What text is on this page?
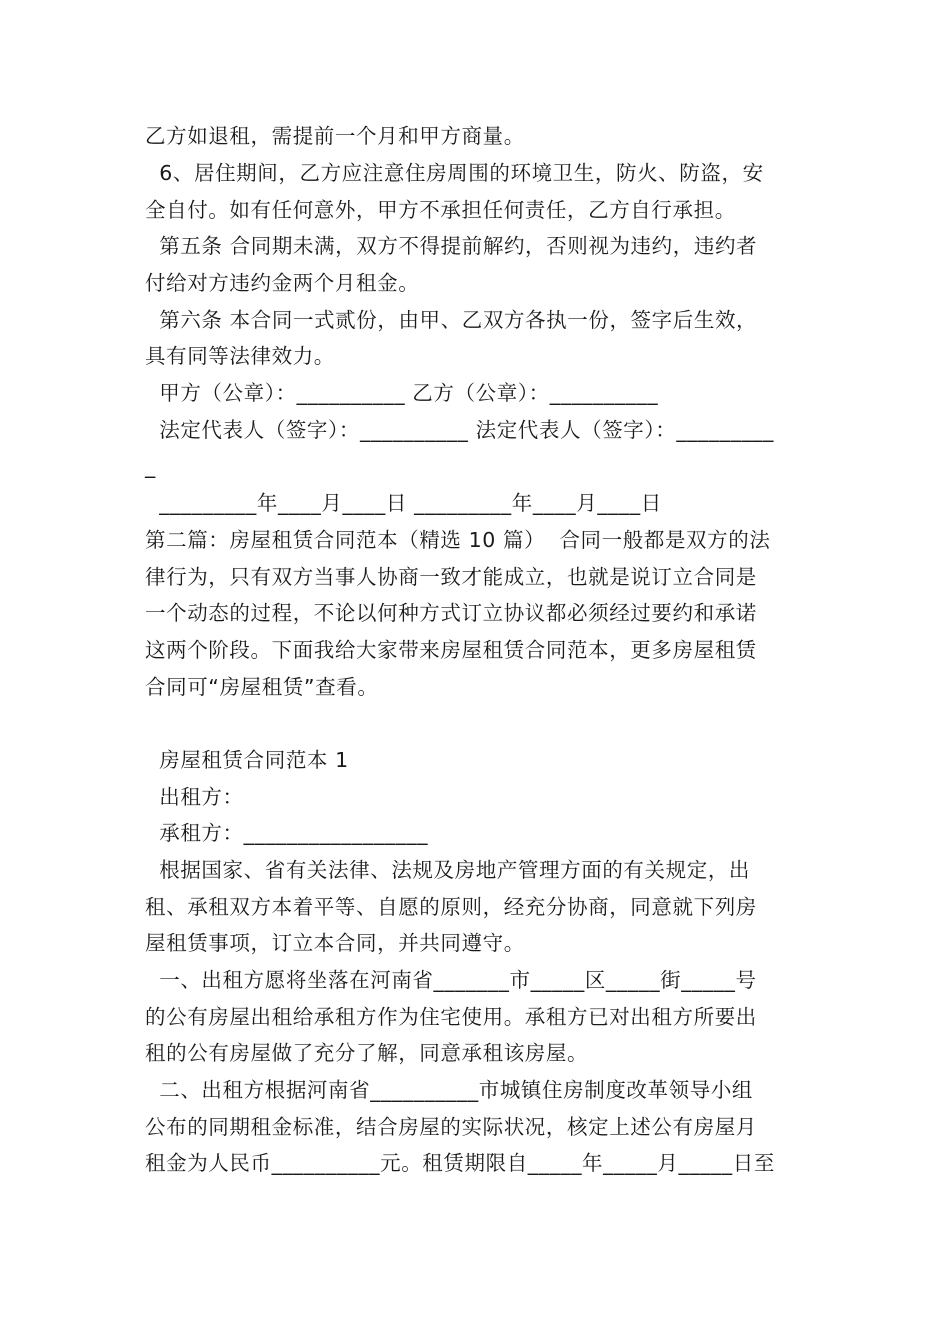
乙方如退租，需提前一个月和甲方商量。
6、居住期间，乙方应注意住房周围的环境卫生，防火、防盗，安
全自付。如有任何意外，甲方不承担任何责任，乙方自行承担。
第五条 合同期未满，双方不得提前解约，否则视为违约，违约者
付给对方违约金两个月租金。
第六条 本合同一式贰份，由甲、乙双方各执一份，签字后生效，
具有同等法律效力。
甲方（公章）：__________ 乙方（公章）：__________
法定代表人（签字）：__________ 法定代表人（签字）：_________
_
_________年____月____日 _________年____月____日
第二篇：房屋租赁合同范本（精选 10 篇）  合同一般都是双方的法
律行为，只有双方当事人协商一致才能成立，也就是说订立合同是
一个动态的过程，不论以何种方式订立协议都必须经过要约和承诺
这两个阶段。下面我给大家带来房屋租赁合同范本，更多房屋租赁
合同可“房屋租赁”查看。
房屋租赁合同范本 1
出租方：
承租方：_________________
根据国家、省有关法律、法规及房地产管理方面的有关规定，出
租、承租双方本着平等、自愿的原则，经充分协商，同意就下列房
屋租赁事项，订立本合同，并共同遵守。
一、出租方愿将坐落在河南省_______市_____区_____街_____号
的公有房屋出租给承租方作为住宅使用。承租方已对出租方所要出
租的公有房屋做了充分了解，同意承租该房屋。
二、出租方根据河南省__________市城镇住房制度改革领导小组
公布的同期租金标准，结合房屋的实际状况，核定上述公有房屋月
租金为人民币__________元。租赁期限自_____年_____月_____日至
